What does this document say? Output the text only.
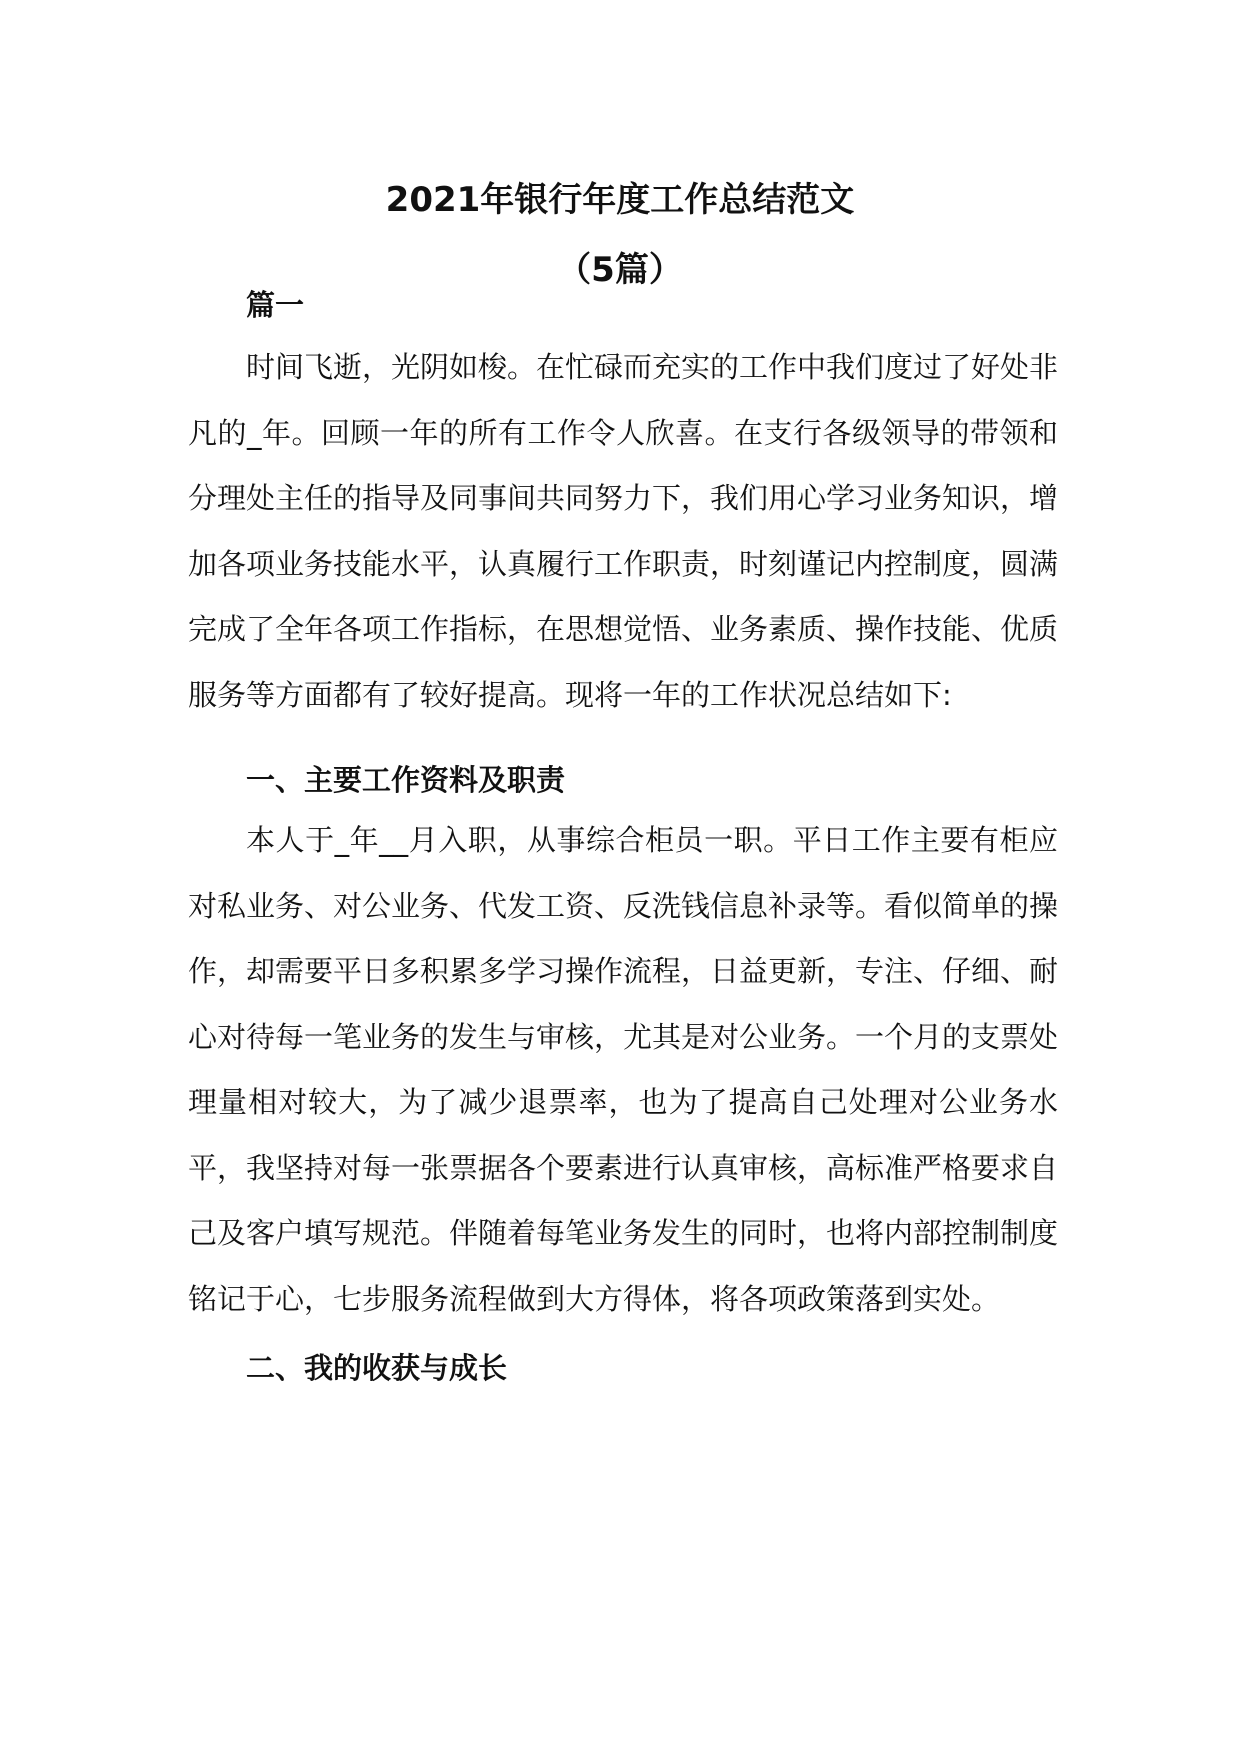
2021年银行年度工作总结范文
（5篇）
篇一

时间飞逝，光阴如梭。在忙碌而充实的工作中我们度过了好处非凡的_年。回顾一年的所有工作令人欣喜。在支行各级领导的带领和分理处主任的指导及同事间共同努力下，我们用心学习业务知识，增加各项业务技能水平，认真履行工作职责，时刻谨记内控制度，圆满完成了全年各项工作指标，在思想觉悟、业务素质、操作技能、优质服务等方面都有了较好提高。现将一年的工作状况总结如下:

一、主要工作资料及职责

本人于_年__月入职，从事综合柜员一职。平日工作主要有柜应对私业务、对公业务、代发工资、反洗钱信息补录等。看似简单的操作，却需要平日多积累多学习操作流程，日益更新，专注、仔细、耐心对待每一笔业务的发生与审核，尤其是对公业务。一个月的支票处理量相对较大，为了减少退票率，也为了提高自己处理对公业务水平，我坚持对每一张票据各个要素进行认真审核，高标准严格要求自己及客户填写规范。伴随着每笔业务发生的同时，也将内部控制制度铭记于心，七步服务流程做到大方得体，将各项政策落到实处。

二、我的收获与成长
